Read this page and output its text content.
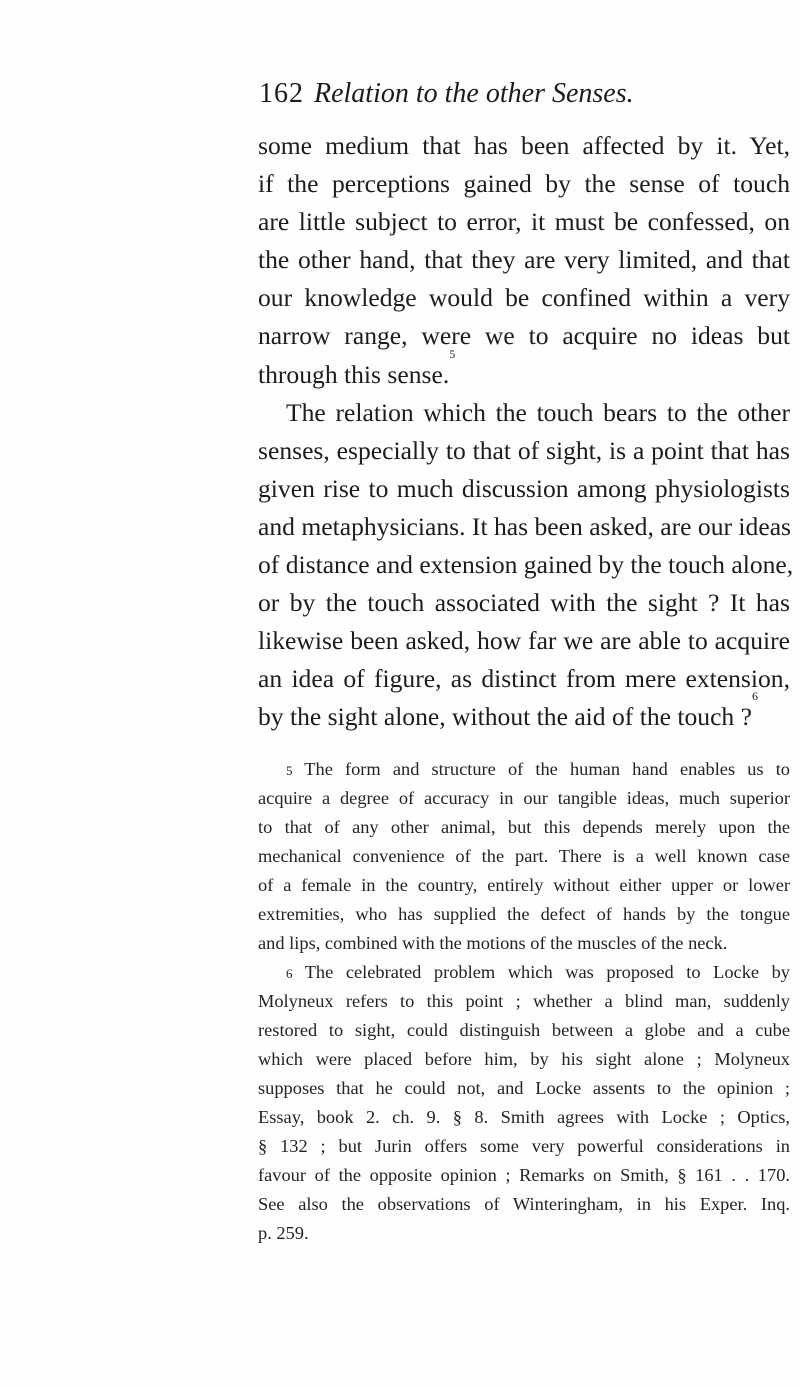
162 Relation to the other Senses.
some medium that has been affected by it. Yet,
if the perceptions gained by the sense of touch
are little subject to error, it must be confessed, on
the other hand, that they are very limited, and that
our knowledge would be confined within a very
narrow range, were we to acquire no ideas but
through this sense.$^5$
The relation which the touch bears to the other
senses, especially to that of sight, is a point that has
given rise to much discussion among physiologists
and metaphysicians. It has been asked, are our ideas
of distance and extension gained by the touch alone,
or by the touch associated with the sight ? It has
likewise been asked, how far we are able to acquire
an idea of figure, as distinct from mere extension,
by the sight alone, without the aid of the touch ?$^6$
$^5$ The form and structure of the human hand enables us to
acquire a degree of accuracy in our tangible ideas, much superior
to that of any other animal, but this depends merely upon the
mechanical convenience of the part. There is a well known case
of a female in the country, entirely without either upper or lower
extremities, who has supplied the defect of hands by the tongue
and lips, combined with the motions of the muscles of the neck.
$^6$ The celebrated problem which was proposed to Locke by
Molyneux refers to this point ; whether a blind man, suddenly
restored to sight, could distinguish between a globe and a cube
which were placed before him, by his sight alone ; Molyneux
supposes that he could not, and Locke assents to the opinion ;
Essay, book 2. ch. 9. § 8. Smith agrees with Locke ; Optics,
§ 132 ; but Jurin offers some very powerful considerations in
favour of the opposite opinion ; Remarks on Smith, § 161 . . 170.
See also the observations of Winteringham, in his Exper. Inq.
p. 259.
